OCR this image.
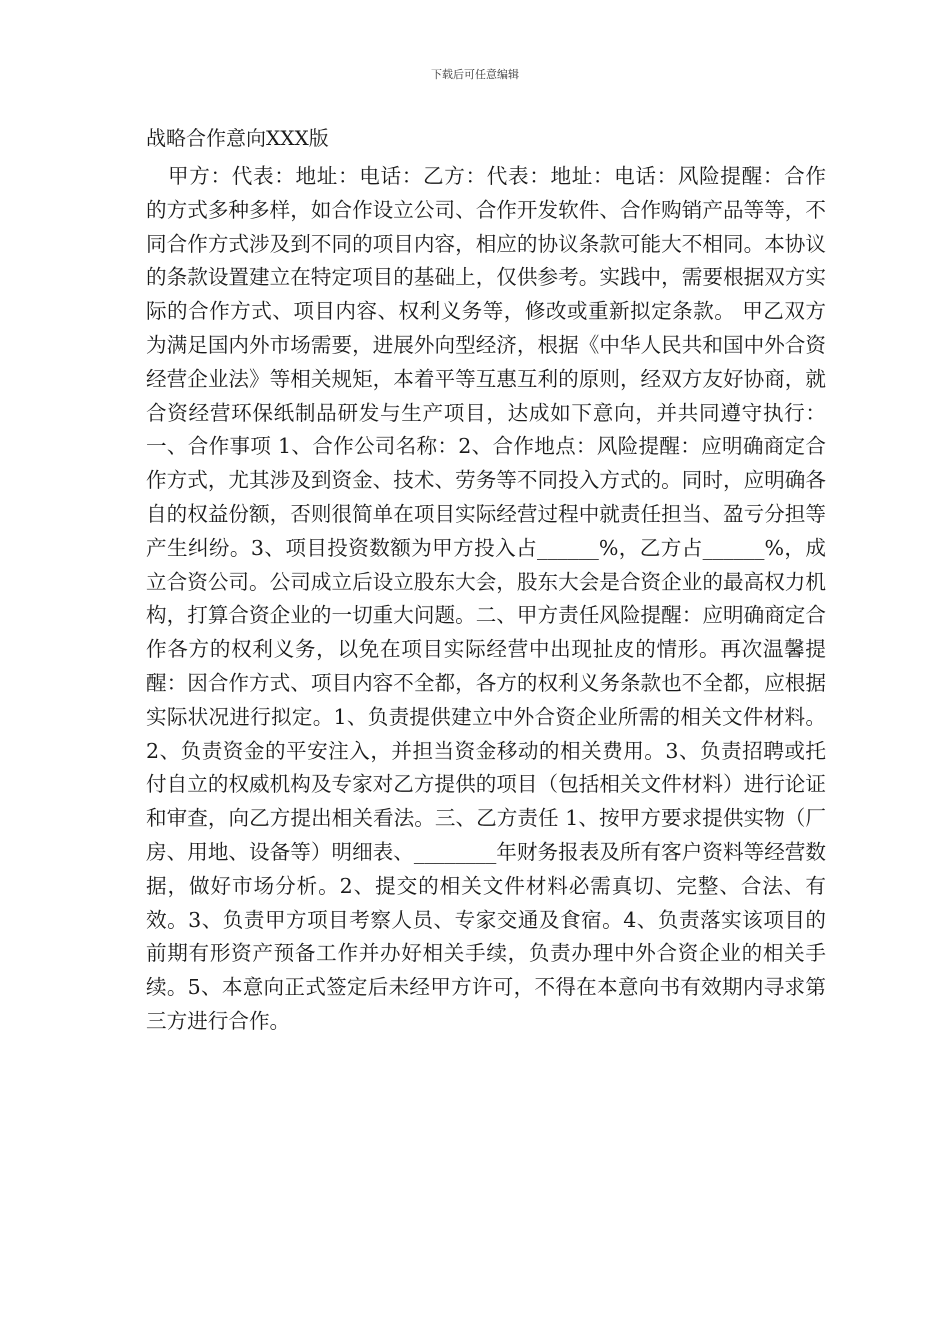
下载后可任意编辑
战略合作意向XXX版

甲方：代表：地址：电话：乙方：代表：地址：电话：风险提醒：合作的方式多种多样，如合作设立公司、合作开发软件、合作购销产品等等，不同合作方式涉及到不同的项目内容，相应的协议条款可能大不相同。本协议的条款设置建立在特定项目的基础上，仅供参考。实践中，需要根据双方实际的合作方式、项目内容、权利义务等，修改或重新拟定条款。 甲乙双方为满足国内外市场需要，进展外向型经济，根据《中华人民共和国中外合资经营企业法》等相关规矩，本着平等互惠互利的原则，经双方友好协商，就合资经营环保纸制品研发与生产项目，达成如下意向，并共同遵守执行：一、合作事项 1、合作公司名称：2、合作地点：风险提醒：应明确商定合作方式，尤其涉及到资金、技术、劳务等不同投入方式的。同时，应明确各自的权益份额，否则很简单在项目实际经营过程中就责任担当、盈亏分担等产生纠纷。3、项目投资数额为甲方投入占______%，乙方占______%，成立合资公司。公司成立后设立股东大会，股东大会是合资企业的最高权力机构，打算合资企业的一切重大问题。二、甲方责任风险提醒：应明确商定合作各方的权利义务，以免在项目实际经营中出现扯皮的情形。再次温馨提醒：因合作方式、项目内容不全都，各方的权利义务条款也不全都，应根据实际状况进行拟定。1、负责提供建立中外合资企业所需的相关文件材料。2、负责资金的平安注入，并担当资金移动的相关费用。3、负责招聘或托付自立的权威机构及专家对乙方提供的项目（包括相关文件材料）进行论证和审查，向乙方提出相关看法。三、乙方责任 1、按甲方要求提供实物（厂房、用地、设备等）明细表、________年财务报表及所有客户资料等经营数据，做好市场分析。2、提交的相关文件材料必需真切、完整、合法、有效。3、负责甲方项目考察人员、专家交通及食宿。4、负责落实该项目的前期有形资产预备工作并办好相关手续，负责办理中外合资企业的相关手续。5、本意向正式签定后未经甲方许可，不得在本意向书有效期内寻求第三方进行合作。
